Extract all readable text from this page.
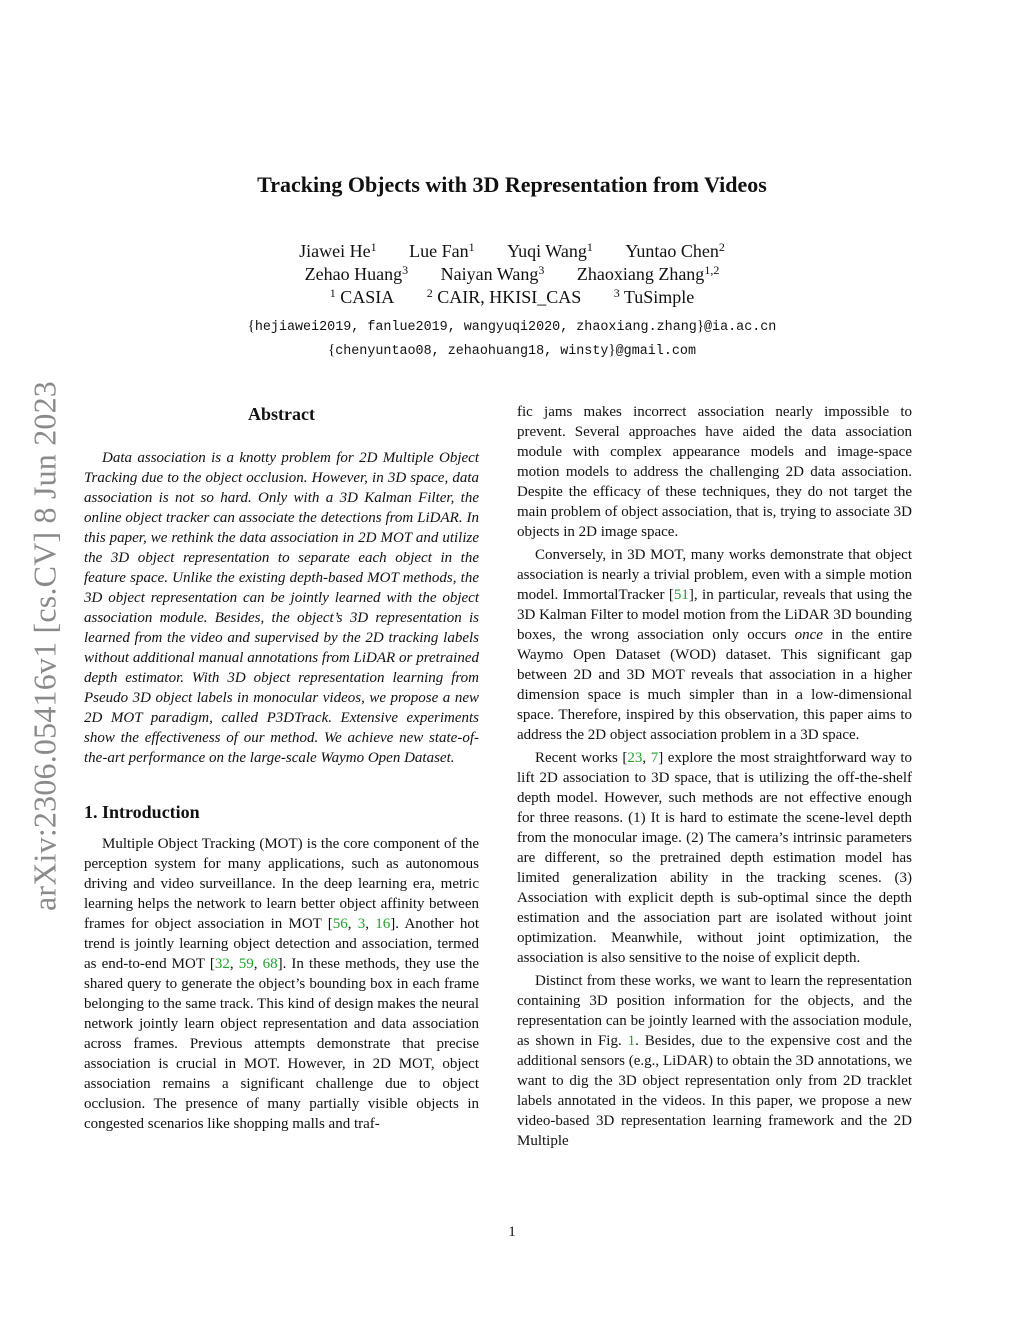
arXiv:2306.05416v1 [cs.CV] 8 Jun 2023
Tracking Objects with 3D Representation from Videos
Jiawei He$^1$ Lue Fan$^1$ Yuqi Wang$^1$ Yuntao Chen$^2$
Zehao Huang$^3$ Naiyan Wang$^3$ Zhaoxiang Zhang$^{1,2}$
$^1$ CASIA	$^2$ CAIR, HKISI_CAS	$^3$ TuSimple
{hejiawei2019, fanlue2019, wangyuqi2020, zhaoxiang.zhang}@ia.ac.cn
{chenyuntao08, zehaohuang18, winsty}@gmail.com
Abstract

Data association is a knotty problem for 2D Multiple Object Tracking due to the object occlusion. However, in 3D space, data association is not so hard. Only with a 3D Kalman Filter, the online object tracker can associate the detections from LiDAR. In this paper, we rethink the data association in 2D MOT and utilize the 3D object representation to separate each object in the feature space. Unlike the existing depth-based MOT methods, the 3D object representation can be jointly learned with the object association module. Besides, the object’s 3D representation is learned from the video and supervised by the 2D tracking labels without additional manual annotations from LiDAR or pretrained depth estimator. With 3D object representation learning from Pseudo 3D object labels in monocular videos, we propose a new 2D MOT paradigm, called P3DTrack. Extensive experiments show the effectiveness of our method. We achieve new state-of-the-art performance on the large-scale Waymo Open Dataset.

1. Introduction

Multiple Object Tracking (MOT) is the core component of the perception system for many applications, such as autonomous driving and video surveillance. In the deep learning era, metric learning helps the network to learn better object affinity between frames for object association in MOT [56, 3, 16]. Another hot trend is jointly learning object detection and association, termed as end-to-end MOT [32, 59, 68]. In these methods, they use the shared query to generate the object’s bounding box in each frame belonging to the same track. This kind of design makes the neural network jointly learn object representation and data association across frames. Previous attempts demonstrate that precise association is crucial in MOT. However, in 2D MOT, object association remains a significant challenge due to object occlusion. The presence of many partially visible objects in congested scenarios like shopping malls and traf-

fic jams makes incorrect association nearly impossible to prevent. Several approaches have aided the data association module with complex appearance models and image-space motion models to address the challenging 2D data association. Despite the efficacy of these techniques, they do not target the main problem of object association, that is, trying to associate 3D objects in 2D image space.

Conversely, in 3D MOT, many works demonstrate that object association is nearly a trivial problem, even with a simple motion model. ImmortalTracker [51], in particular, reveals that using the 3D Kalman Filter to model motion from the LiDAR 3D bounding boxes, the wrong association only occurs once in the entire Waymo Open Dataset (WOD) dataset. This significant gap between 2D and 3D MOT reveals that association in a higher dimension space is much simpler than in a low-dimensional space. Therefore, inspired by this observation, this paper aims to address the 2D object association problem in a 3D space.

Recent works [23, 7] explore the most straightforward way to lift 2D association to 3D space, that is utilizing the off-the-shelf depth model. However, such methods are not effective enough for three reasons. (1) It is hard to estimate the scene-level depth from the monocular image. (2) The camera’s intrinsic parameters are different, so the pretrained depth estimation model has limited generalization ability in the tracking scenes. (3) Association with explicit depth is sub-optimal since the depth estimation and the association part are isolated without joint optimization. Meanwhile, without joint optimization, the association is also sensitive to the noise of explicit depth.

Distinct from these works, we want to learn the representation containing 3D position information for the objects, and the representation can be jointly learned with the association module, as shown in Fig. 1. Besides, due to the expensive cost and the additional sensors (e.g., LiDAR) to obtain the 3D annotations, we want to dig the 3D object representation only from 2D tracklet labels annotated in the videos. In this paper, we propose a new video-based 3D representation learning framework and the 2D Multiple

1
